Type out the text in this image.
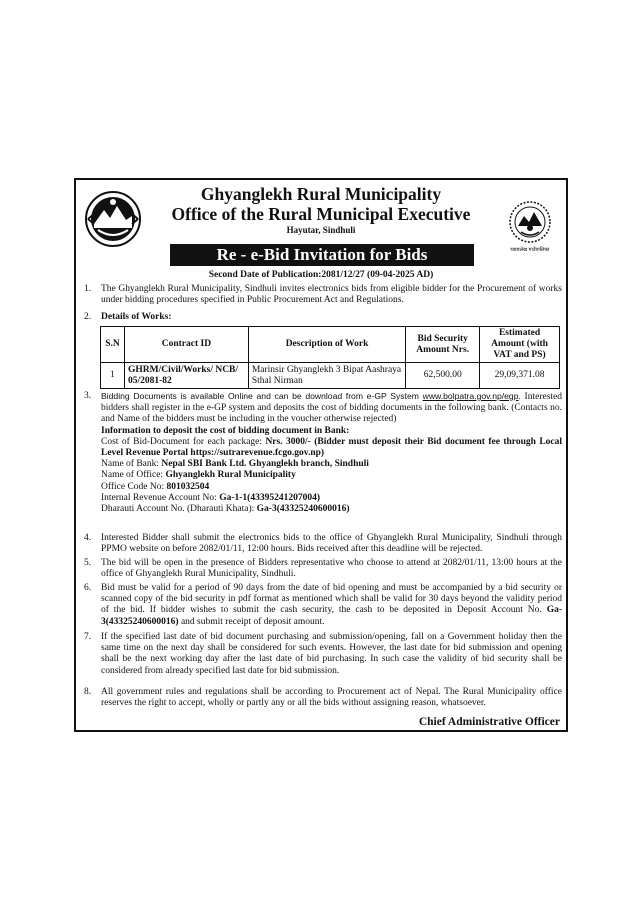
घ्याङलेख गाउँपालिका
Ghyanglekh Rural Municipality
Office of the Rural Municipal Executive
Hayutar, Sindhuli
Re - e-Bid Invitation for Bids
Second Date of Publication:2081/12/27 (09-04-2025 AD)
1. The Ghyanglekh Rural Municipality, Sindhuli invites electronics bids from eligible bidder for the Procurement of works under bidding procedures specified in Public Procurement Act and Regulations.
2. Details of Works:
S.N	Contract ID	Description of Work	Bid Security Amount Nrs.	Estimated Amount (with VAT and PS)
1	GHRM/Civil/Works/ NCB/ 05/2081-82	Marinsir Ghyanglekh 3 Bipat Aashraya Sthal Nirman	62,500.00	29,09,371.08
3. Bidding Documents is available Online and can be download from e-GP System www.bolpatra.gov.np/egp. Interested bidders shall register in the e-GP system and deposits the cost of bidding documents in the following bank. (Contacts no. and Name of the bidders must be including in the voucher otherwise rejected)
Information to deposit the cost of bidding document in Bank:
Cost of Bid-Document for each package: Nrs. 3000/- (Bidder must deposit their Bid document fee through Local Level Revenue Portal https://sutrarevenue.fcgo.gov.np)
Name of Bank: Nepal SBI Bank Ltd. Ghyanglekh branch, Sindhuli
Name of Office: Ghyanglekh Rural Municipality
Office Code No: 801032504
Internal Revenue Account No: Ga-1-1(43395241207004)
Dharauti Account No. (Dharauti Khata): Ga-3(43325240600016)
4. Interested Bidder shall submit the electronics bids to the office of Ghyanglekh Rural Municipality, Sindhuli through PPMO website on before 2082/01/11, 12:00 hours. Bids received after this deadline will be rejected.
5. The bid will be open in the presence of Bidders representative who choose to attend at 2082/01/11, 13:00 hours at the office of Ghyanglekh Rural Municipality, Sindhuli.
6. Bid must be valid for a period of 90 days from the date of bid opening and must be accompanied by a bid security or scanned copy of the bid security in pdf format as mentioned which shall be valid for 30 days beyond the validity period of the bid. If bidder wishes to submit the cash security, the cash to be deposited in Deposit Account No. Ga-3(43325240600016) and submit receipt of deposit amount.
7. If the specified last date of bid document purchasing and submission/opening, fall on a Government holiday then the same time on the next day shall be considered for such events. However, the last date for bid submission and opening shall be the next working day after the last date of bid purchasing. In such case the validity of bid security shall be considered from already specified last date for bid submission.
8. All government rules and regulations shall be according to Procurement act of Nepal. The Rural Municipality office reserves the right to accept, wholly or partly any or all the bids without assigning reason, whatsoever.
Chief Administrative Officer
